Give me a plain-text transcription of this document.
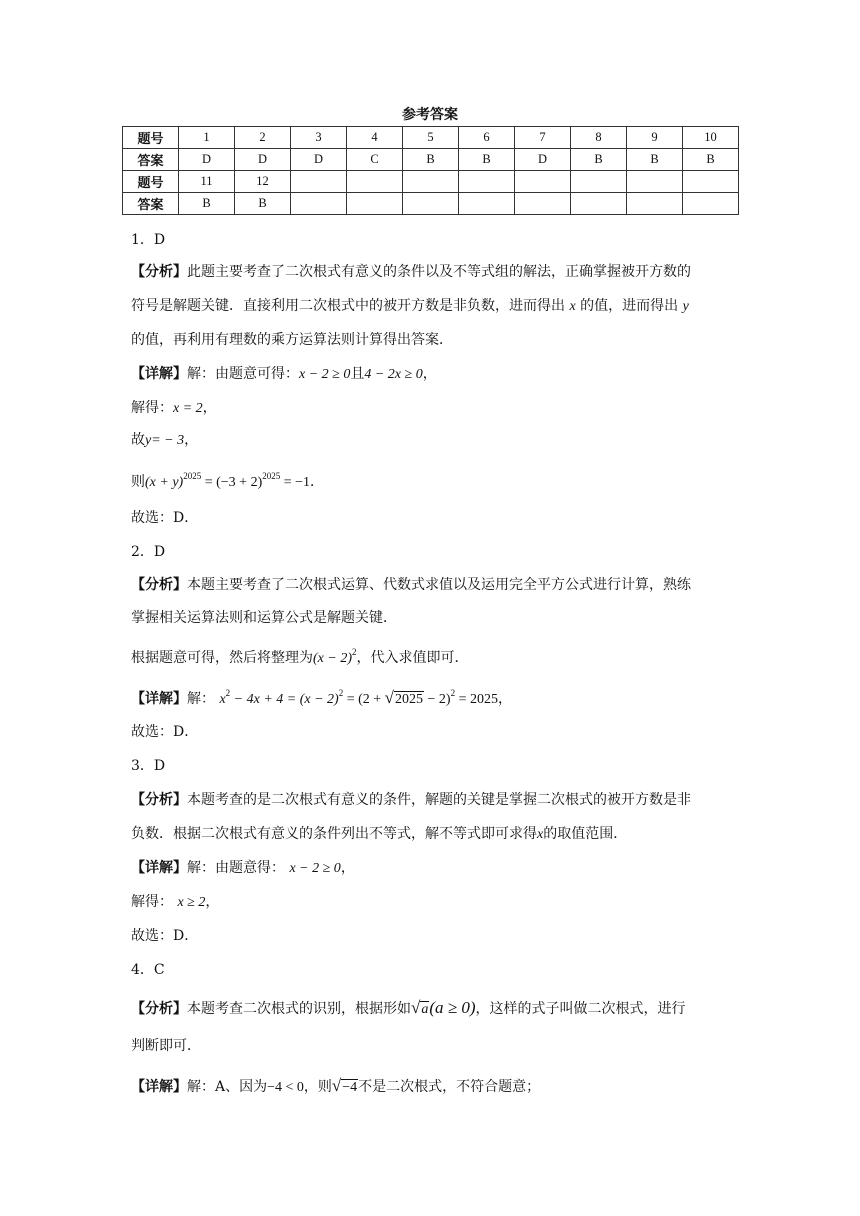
参考答案
题号	1	2	3	4	5	6	7	8	9	10
答案	D	D	D	C	B	B	D	B	B	B
题号	11	12								
答案	B	B								
1．D
【分析】此题主要考查了二次根式有意义的条件以及不等式组的解法，正确掌握被开方数的
符号是解题关键．直接利用二次根式中的被开方数是非负数，进而得出 x 的值，进而得出 y
的值，再利用有理数的乘方运算法则计算得出答案．
【详解】解：由题意可得：x − 2 ≥ 0且4 − 2x ≥ 0，
解得：x = 2，
故y= − 3，
则$(x + y)^{2025} = (-3 + 2)^{2025} = -1$．
故选：D．
2．D
【分析】本题主要考查了二次根式运算、代数式求值以及运用完全平方公式进行计算，熟练
掌握相关运算法则和运算公式是解题关键．
根据题意可得，然后将整理为$(x - 2)^2$，代入求值即可．
【详解】解： $x^2 - 4x + 4 = (x - 2)^2 = (2 + √2025 - 2)^2 = 2025$，
故选：D．
3．D
【分析】本题考查的是二次根式有意义的条件，解题的关键是掌握二次根式的被开方数是非
负数．根据二次根式有意义的条件列出不等式，解不等式即可求得x的取值范围．
【详解】解：由题意得： x − 2 ≥ 0，
解得： x ≥ 2，
故选：D．
4．C
【分析】本题考查二次根式的识别，根据形如√a(a ≥ 0)，这样的式子叫做二次根式，进行
判断即可．
【详解】解：A、因为−4 < 0，则√−4不是二次根式，不符合题意；
